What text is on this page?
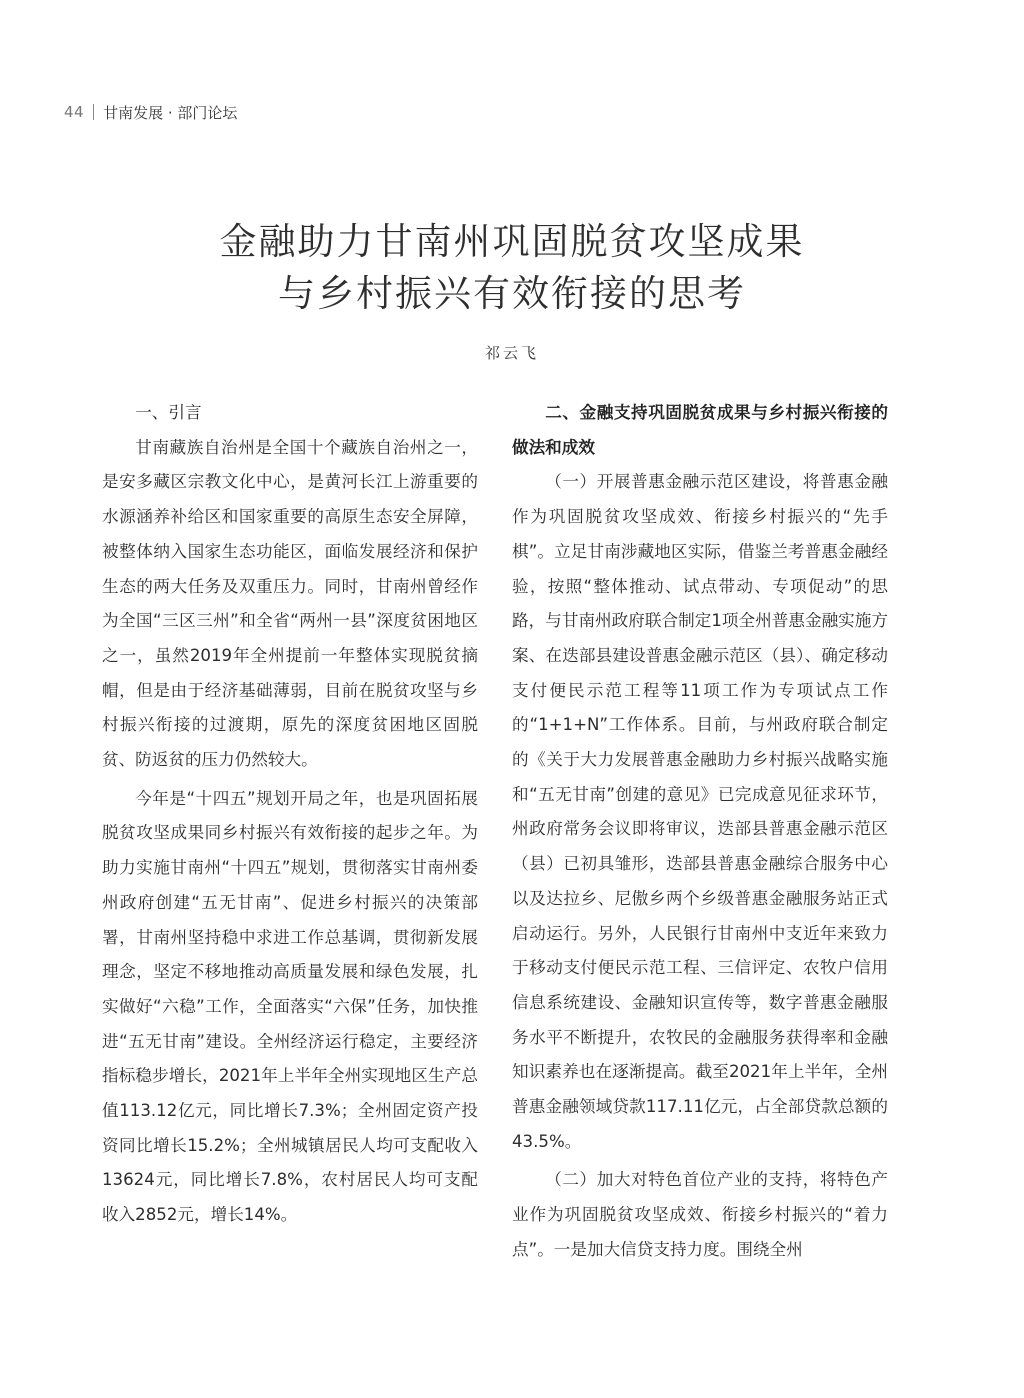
44 甘南发展 · 部门论坛
金融助力甘南州巩固脱贫攻坚成果
与乡村振兴有效衔接的思考
祁云飞

一、引言

甘南藏族自治州是全国十个藏族自治州之一，是安多藏区宗教文化中心，是黄河长江上游重要的水源涵养补给区和国家重要的高原生态安全屏障，被整体纳入国家生态功能区，面临发展经济和保护生态的两大任务及双重压力。同时，甘南州曾经作为全国“三区三州”和全省“两州一县”深度贫困地区之一，虽然2019年全州提前一年整体实现脱贫摘帽，但是由于经济基础薄弱，目前在脱贫攻坚与乡村振兴衔接的过渡期，原先的深度贫困地区固脱贫、防返贫的压力仍然较大。

今年是“十四五”规划开局之年，也是巩固拓展脱贫攻坚成果同乡村振兴有效衔接的起步之年。为助力实施甘南州“十四五”规划，贯彻落实甘南州委州政府创建“五无甘南”、促进乡村振兴的决策部署，甘南州坚持稳中求进工作总基调，贯彻新发展理念，坚定不移地推动高质量发展和绿色发展，扎实做好“六稳”工作，全面落实“六保”任务，加快推进“五无甘南”建设。全州经济运行稳定，主要经济指标稳步增长，2021年上半年全州实现地区生产总值113.12亿元，同比增长7.3%；全州固定资产投资同比增长15.2%；全州城镇居民人均可支配收入13624元，同比增长7.8%，农村居民人均可支配收入2852元，增长14%。

二、金融支持巩固脱贫成果与乡村振兴衔接的做法和成效

（一）开展普惠金融示范区建设，将普惠金融作为巩固脱贫攻坚成效、衔接乡村振兴的“先手棋”。立足甘南涉藏地区实际，借鉴兰考普惠金融经验，按照“整体推动、试点带动、专项促动”的思路，与甘南州政府联合制定1项全州普惠金融实施方案、在迭部县建设普惠金融示范区（县）、确定移动支付便民示范工程等11项工作为专项试点工作的“1+1+N”工作体系。目前，与州政府联合制定的《关于大力发展普惠金融助力乡村振兴战略实施和“五无甘南”创建的意见》已完成意见征求环节，州政府常务会议即将审议，迭部县普惠金融示范区（县）已初具雏形，迭部县普惠金融综合服务中心以及达拉乡、尼傲乡两个乡级普惠金融服务站正式启动运行。另外，人民银行甘南州中支近年来致力于移动支付便民示范工程、三信评定、农牧户信用信息系统建设、金融知识宣传等，数字普惠金融服务水平不断提升，农牧民的金融服务获得率和金融知识素养也在逐渐提高。截至2021年上半年，全州普惠金融领域贷款117.11亿元，占全部贷款总额的43.5%。

（二）加大对特色首位产业的支持，将特色产业作为巩固脱贫攻坚成效、衔接乡村振兴的“着力点”。一是加大信贷支持力度。围绕全州
